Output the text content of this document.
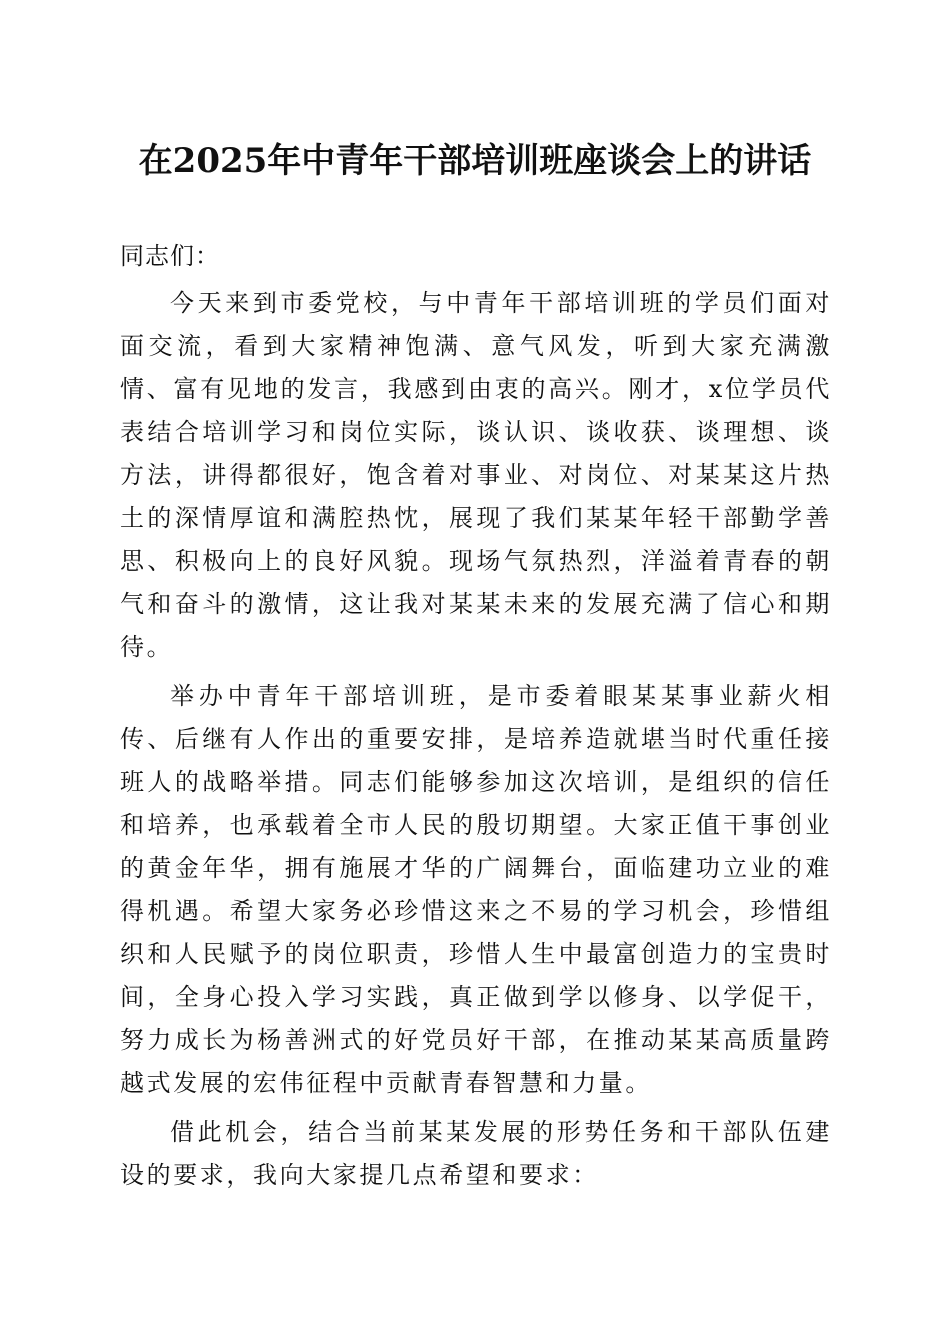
在2025年中青年干部培训班座谈会上的讲话

同志们：

今天来到市委党校，与中青年干部培训班的学员们面对面交流，看到大家精神饱满、意气风发，听到大家充满激情、富有见地的发言，我感到由衷的高兴。刚才，x位学员代表结合培训学习和岗位实际，谈认识、谈收获、谈理想、谈方法，讲得都很好，饱含着对事业、对岗位、对某某这片热土的深情厚谊和满腔热忱，展现了我们某某年轻干部勤学善思、积极向上的良好风貌。现场气氛热烈，洋溢着青春的朝气和奋斗的激情，这让我对某某未来的发展充满了信心和期待。

举办中青年干部培训班，是市委着眼某某事业薪火相传、后继有人作出的重要安排，是培养造就堪当时代重任接班人的战略举措。同志们能够参加这次培训，是组织的信任和培养，也承载着全市人民的殷切期望。大家正值干事创业的黄金年华，拥有施展才华的广阔舞台，面临建功立业的难得机遇。希望大家务必珍惜这来之不易的学习机会，珍惜组织和人民赋予的岗位职责，珍惜人生中最富创造力的宝贵时间，全身心投入学习实践，真正做到学以修身、以学促干，努力成长为杨善洲式的好党员好干部，在推动某某高质量跨越式发展的宏伟征程中贡献青春智慧和力量。

借此机会，结合当前某某发展的形势任务和干部队伍建设的要求，我向大家提几点希望和要求：
